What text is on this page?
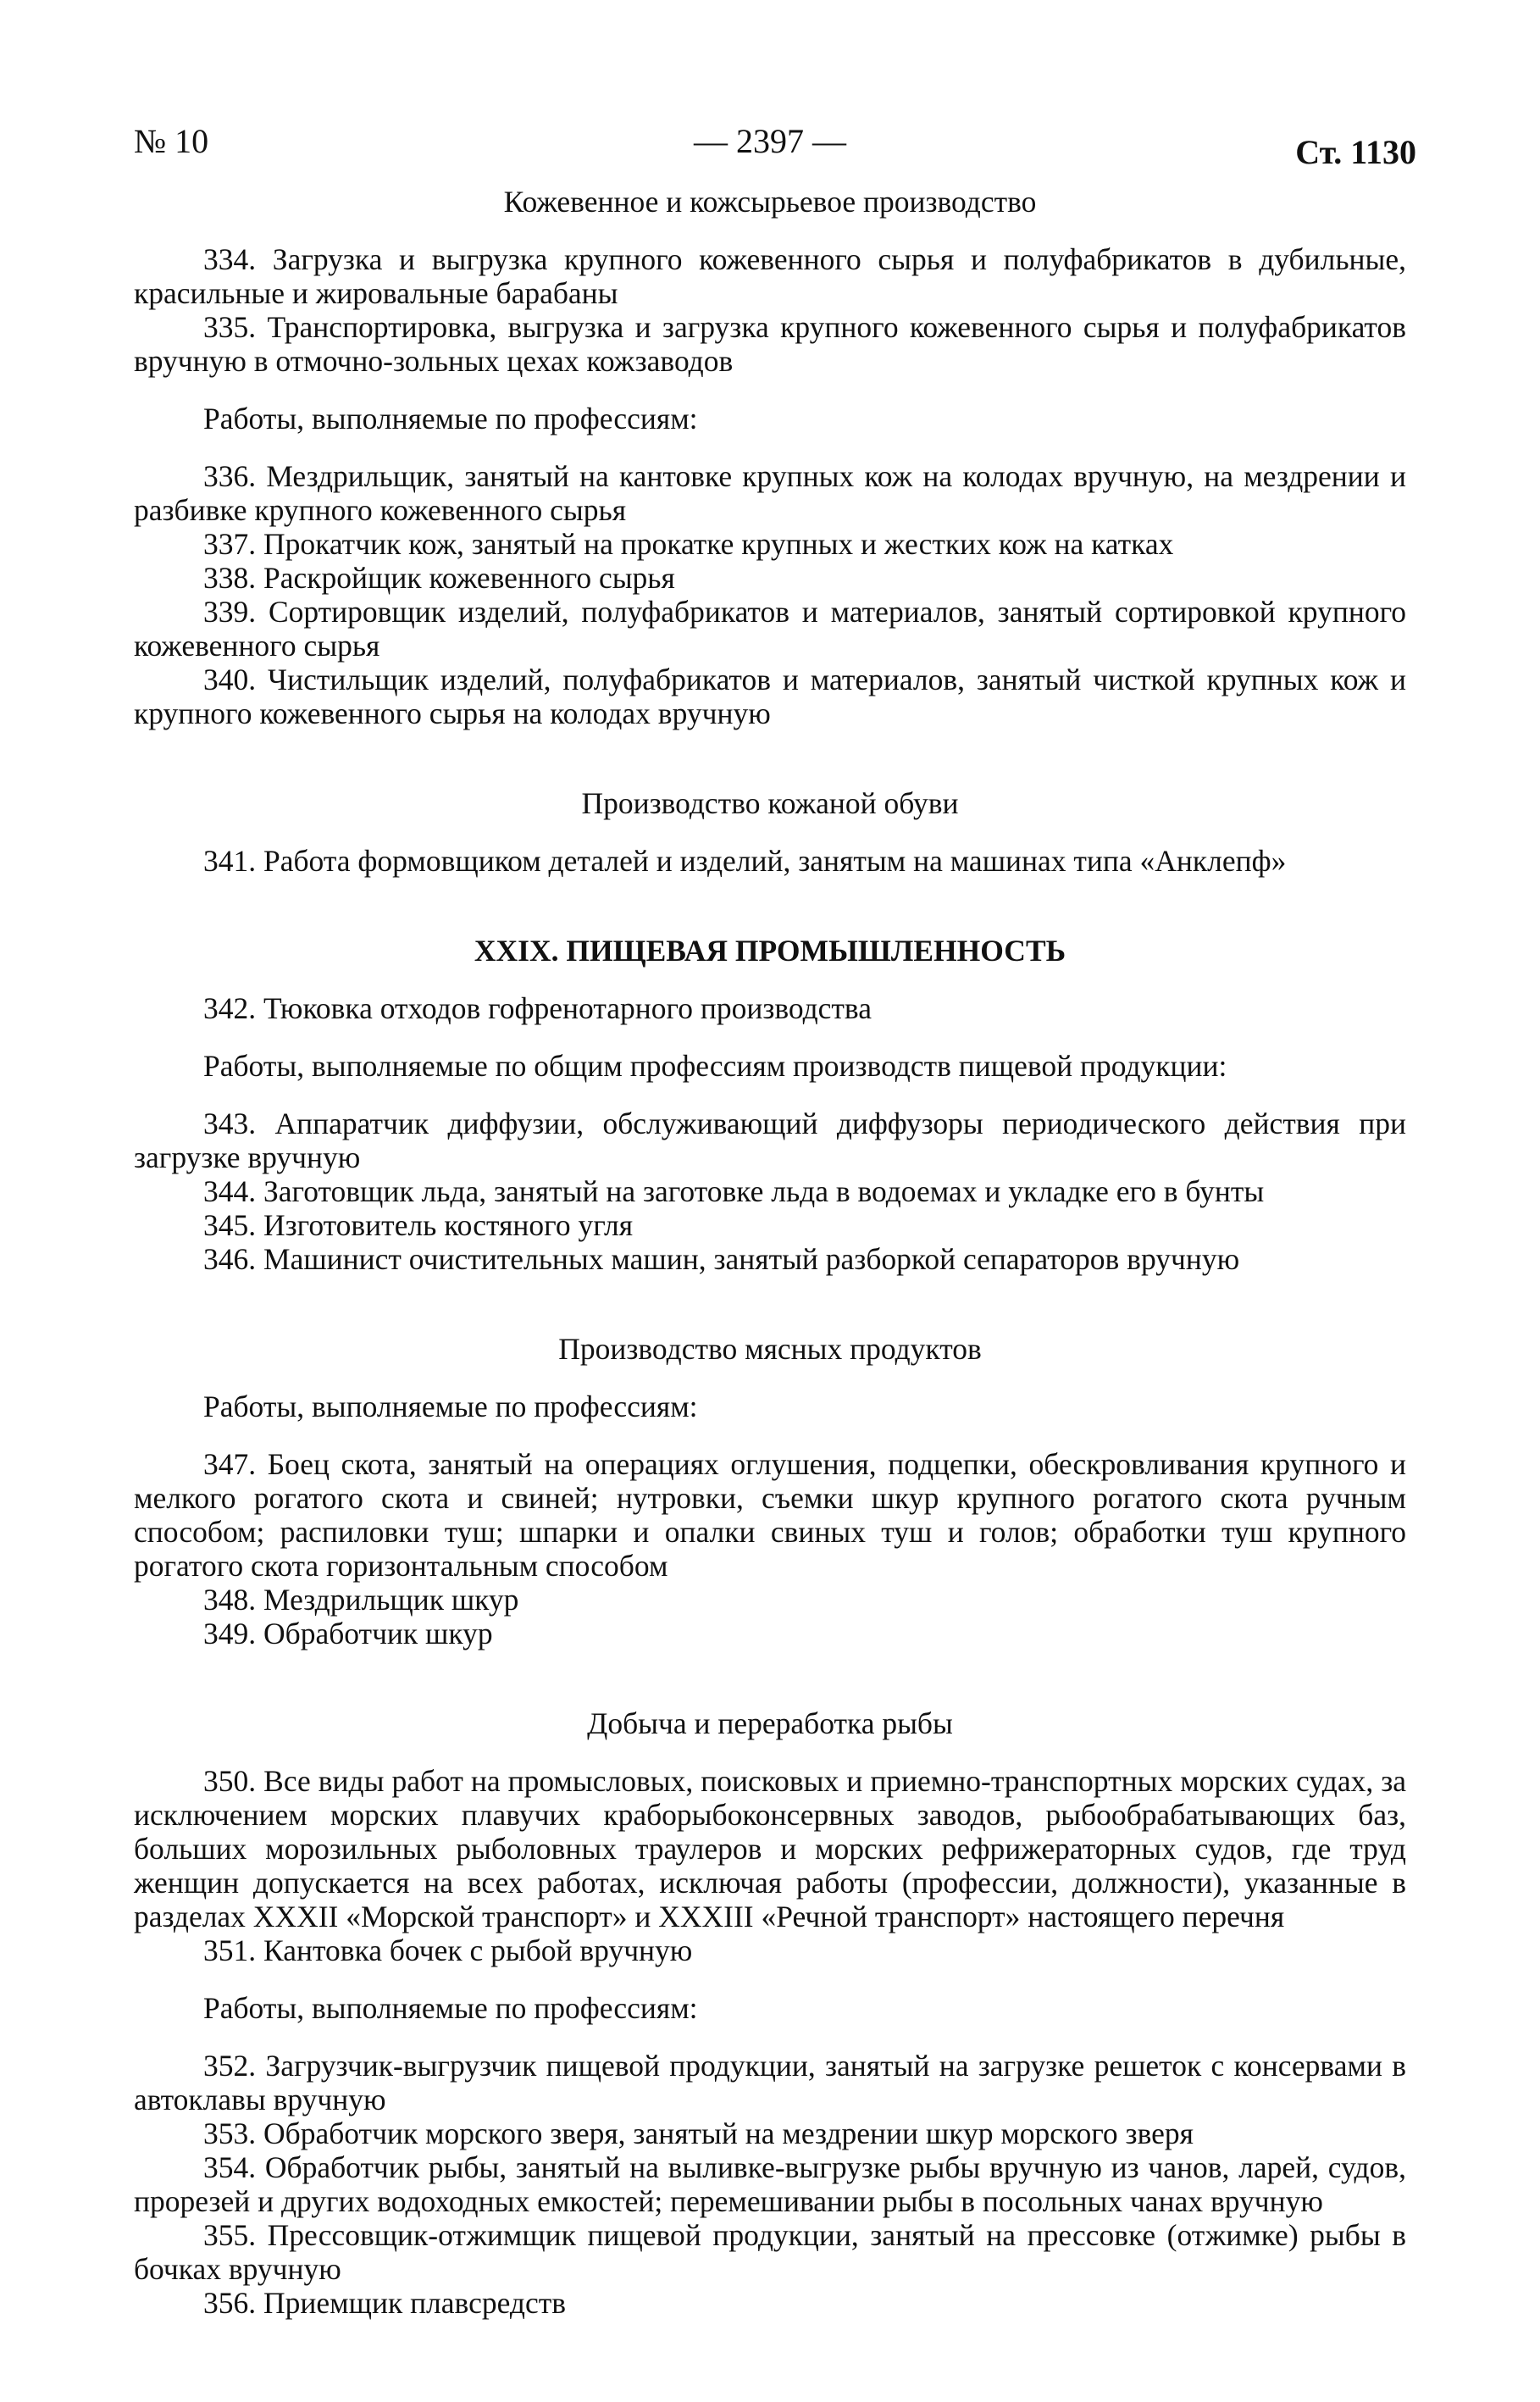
№ 10	— 2397 —	Ст. 1130
Кожевенное и кожсырьевое производство
334. Загрузка и выгрузка крупного кожевенного сырья и полуфабрикатов в дубильные, красильные и жировальные барабаны
335. Транспортировка, выгрузка и загрузка крупного кожевенного сырья и полуфабрикатов вручную в отмочно-зольных цехах кожзаводов
Работы, выполняемые по профессиям:
336. Мездрильщик, занятый на кантовке крупных кож на колодах вручную, на мездрении и разбивке крупного кожевенного сырья
337. Прокатчик кож, занятый на прокатке крупных и жестких кож на катках
338. Раскройщик кожевенного сырья
339. Сортировщик изделий, полуфабрикатов и материалов, занятый сортировкой крупного кожевенного сырья
340. Чистильщик изделий, полуфабрикатов и материалов, занятый чисткой крупных кож и крупного кожевенного сырья на колодах вручную
Производство кожаной обуви
341. Работа формовщиком деталей и изделий, занятым на машинах типа «Анклепф»
XXIX. ПИЩЕВАЯ ПРОМЫШЛЕННОСТЬ
342. Тюковка отходов гофренотарного производства
Работы, выполняемые по общим профессиям производств пищевой продукции:
343. Аппаратчик диффузии, обслуживающий диффузоры периодического действия при загрузке вручную
344. Заготовщик льда, занятый на заготовке льда в водоемах и укладке его в бунты
345. Изготовитель костяного угля
346. Машинист очистительных машин, занятый разборкой сепараторов вручную
Производство мясных продуктов
Работы, выполняемые по профессиям:
347. Боец скота, занятый на операциях оглушения, подцепки, обескровливания крупного и мелкого рогатого скота и свиней; нутровки, съемки шкур крупного рогатого скота ручным способом; распиловки туш; шпарки и опалки свиных туш и голов; обработки туш крупного рогатого скота горизонтальным способом
348. Мездрильщик шкур
349. Обработчик шкур
Добыча и переработка рыбы
350. Все виды работ на промысловых, поисковых и приемно-транспортных морских судах, за исключением морских плавучих краборыбоконсервных заводов, рыбообрабатывающих баз, больших морозильных рыболовных траулеров и морских рефрижераторных судов, где труд женщин допускается на всех работах, исключая работы (профессии, должности), указанные в разделах XXXII «Морской транспорт» и XXXIII «Речной транспорт» настоящего перечня
351. Кантовка бочек с рыбой вручную
Работы, выполняемые по профессиям:
352. Загрузчик-выгрузчик пищевой продукции, занятый на загрузке решеток с консервами в автоклавы вручную
353. Обработчик морского зверя, занятый на мездрении шкур морского зверя
354. Обработчик рыбы, занятый на выливке-выгрузке рыбы вручную из чанов, ларей, судов, прорезей и других водоходных емкостей; перемешивании рыбы в посольных чанах вручную
355. Прессовщик-отжимщик пищевой продукции, занятый на прессовке (отжимке) рыбы в бочках вручную
356. Приемщик плавсредств
